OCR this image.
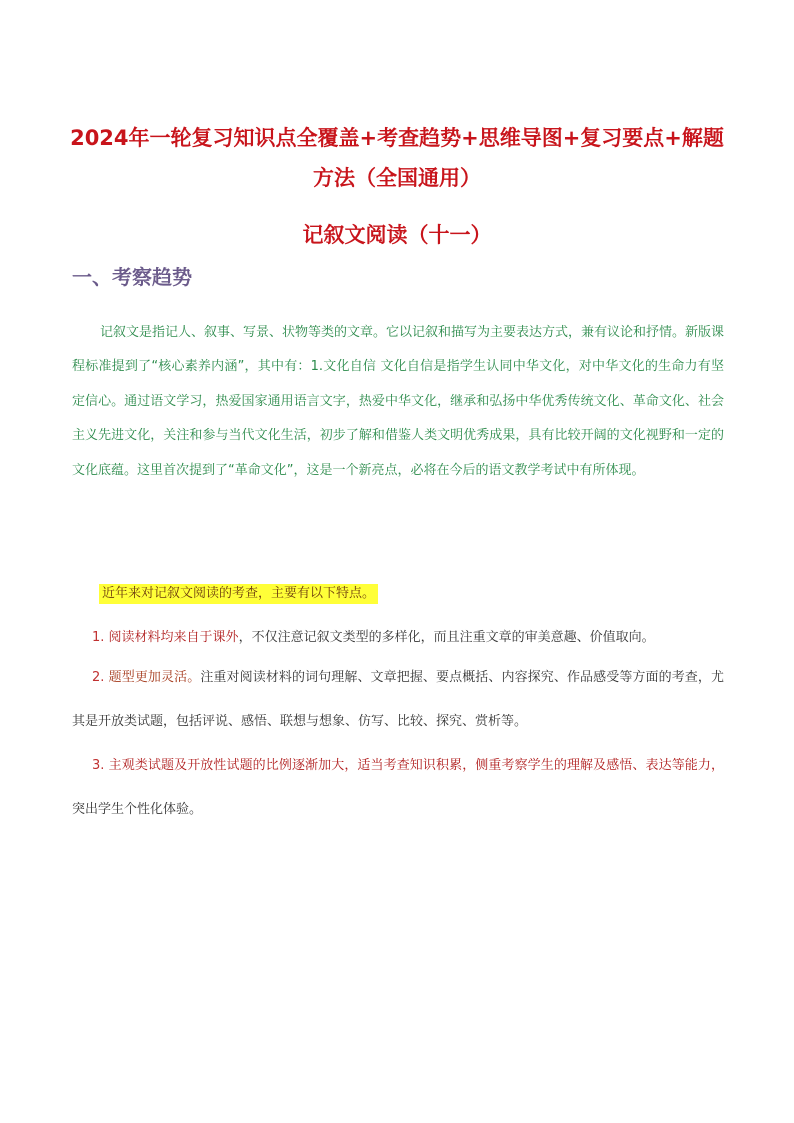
2024年一轮复习知识点全覆盖+考查趋势+思维导图+复习要点+解题方法（全国通用）
记叙文阅读（十一）
一、考察趋势

记叙文是指记人、叙事、写景、状物等类的文章。它以记叙和描写为主要表达方式，兼有议论和抒情。新版课程标准提到了“核心素养内涵”，其中有：1.文化自信 文化自信是指学生认同中华文化，对中华文化的生命力有坚定信心。通过语文学习，热爱国家通用语言文字，热爱中华文化，继承和弘扬中华优秀传统文化、革命文化、社会主义先进文化，关注和参与当代文化生活，初步了解和借鉴人类文明优秀成果，具有比较开阔的文化视野和一定的文化底蕴。这里首次提到了“革命文化”，这是一个新亮点，必将在今后的语文教学考试中有所体现。

近年来对记叙文阅读的考查，主要有以下特点。

1. 阅读材料均来自于课外，不仅注意记叙文类型的多样化，而且注重文章的审美意趣、价值取向。

2. 题型更加灵活。注重对阅读材料的词句理解、文章把握、要点概括、内容探究、作品感受等方面的考查，尤其是开放类试题，包括评说、感悟、联想与想象、仿写、比较、探究、赏析等。

3. 主观类试题及开放性试题的比例逐渐加大，适当考查知识积累，侧重考察学生的理解及感悟、表达等能力，突出学生个性化体验。
